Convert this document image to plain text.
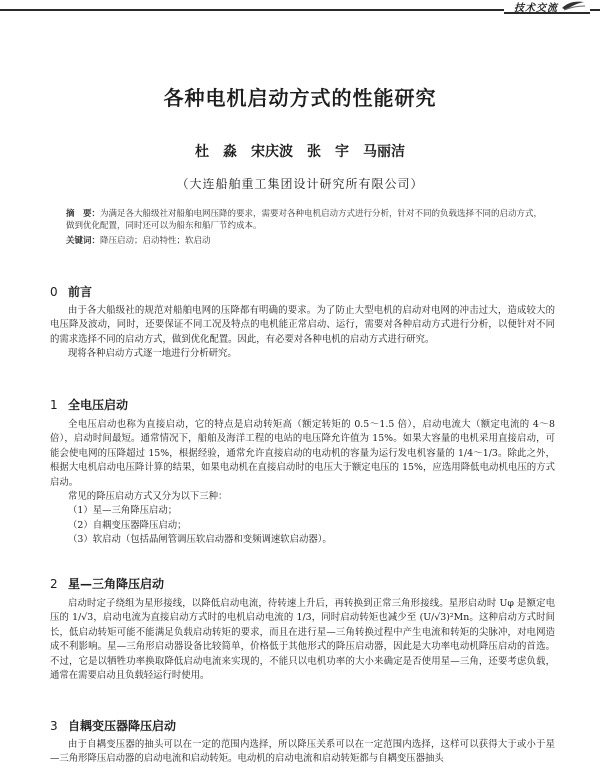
技术交流
各种电机启动方式的性能研究
杜　淼　宋庆波　张　宇　马丽洁
（大连船舶重工集团设计研究所有限公司）
摘　要：为满足各大船级社对船舶电网压降的要求，需要对各种电机启动方式进行分析，针对不同的负载选择不同的启动方式，做到优化配置，同时还可以为船东和船厂节约成本。
关键词：降压启动；启动特性；软启动
0 前言

由于各大船级社的规范对船舶电网的压降都有明确的要求。为了防止大型电机的启动对电网的冲击过大，造成较大的电压降及波动，同时，还要保证不同工况及特点的电机能正常启动、运行，需要对各种启动方式进行分析，以便针对不同的需求选择不同的启动方式，做到优化配置。因此，有必要对各种电机的启动方式进行研究。

现将各种启动方式逐一地进行分析研究。

1 全电压启动

全电压启动也称为直接启动，它的特点是启动转矩高（额定转矩的 0.5～1.5 倍），启动电流大（额定电流的 4～8 倍），启动时间最短。通常情况下，船舶及海洋工程的电站的电压降允许值为 15%。如果大容量的电机采用直接启动，可能会使电网的压降超过 15%，根据经验，通常允许直接启动的电动机的容量为运行发电机容量的 1/4～1/3。除此之外，根据大电机启动电压降计算的结果，如果电动机在直接启动时的电压大于额定电压的 15%，应选用降低电动机电压的方式启动。

常见的降压启动方式又分为以下三种：

（1）星—三角降压启动；

（2）自耦变压器降压启动；

（3）软启动（包括晶闸管调压软启动器和变频调速软启动器）。

2 星—三角降压启动

启动时定子绕组为星形接线，以降低启动电流，待转速上升后，再转换到正常三角形接线。星形启动时 Uφ 是额定电压的 1/√3，启动电流为直接启动方式时的电机启动电流的 1/3，同时启动转矩也减少至 (U/√3)²Mn。这种启动方式时间长，低启动转矩可能不能满足负载启动转矩的要求，而且在进行星—三角转换过程中产生电流和转矩的尖脉冲，对电网造成不利影响。星—三角形启动器设备比较简单，价格低于其他形式的降压启动器，因此是大功率电动机降压启动的首选。不过，它是以牺牲功率换取降低启动电流来实现的，不能只以电机功率的大小来确定是否使用星—三角，还要考虑负载，通常在需要启动且负载轻运行时使用。

3 自耦变压器降压启动

由于自耦变压器的抽头可以在一定的范围内选择，所以降压关系可以在一定范围内选择，这样可以获得大于或小于星—三角形降压启动器的启动电流和启动转矩。电动机的启动电流和启动转矩都与自耦变压器抽头
